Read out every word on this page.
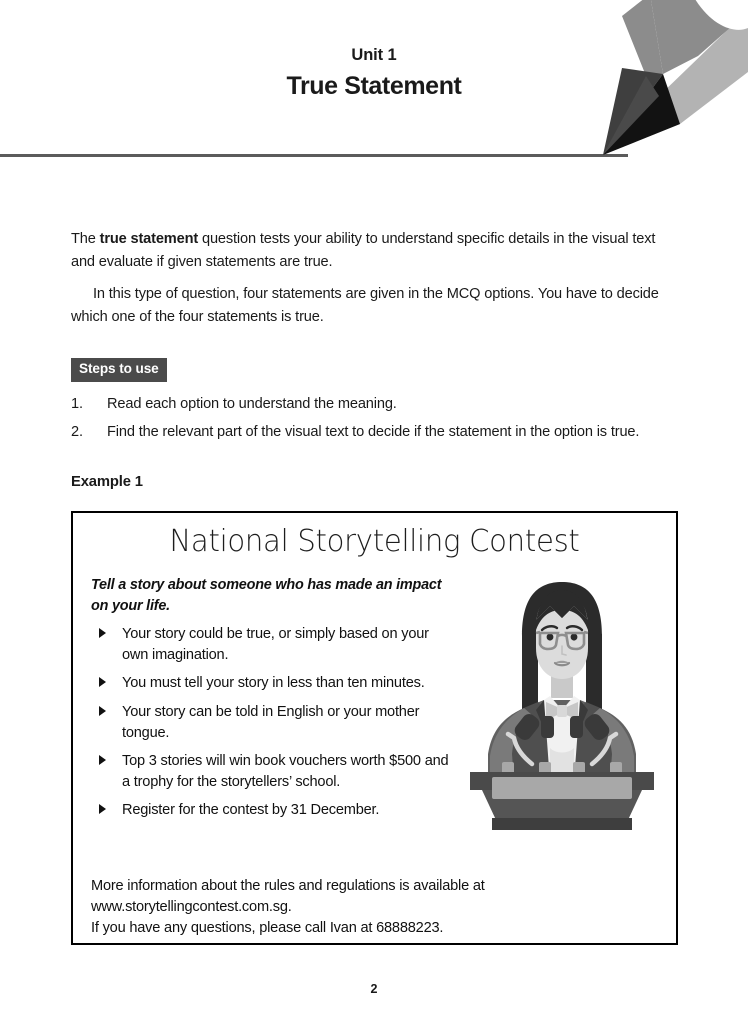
Unit 1
True Statement

The true statement question tests your ability to understand specific details in the visual text and evaluate if given statements are true.

In this type of question, four statements are given in the MCQ options. You have to decide which one of the four statements is true.

Steps to use
1.	Read each option to understand the meaning.
2.	Find the relevant part of the visual text to decide if the statement in the option is true.
Example 1
National Storytelling Contest

Tell a story about someone who has made an impact on your life.

Your story could be true, or simply based on your own imagination.
You must tell your story in less than ten minutes.
Your story can be told in English or your mother tongue.
Top 3 stories will win book vouchers worth $500 and a trophy for the storytellers’ school.
Register for the contest by 31 December.
More information about the rules and regulations is available at
www.storytellingcontest.com.sg.
If you have any questions, please call Ivan at 68888223.
2
